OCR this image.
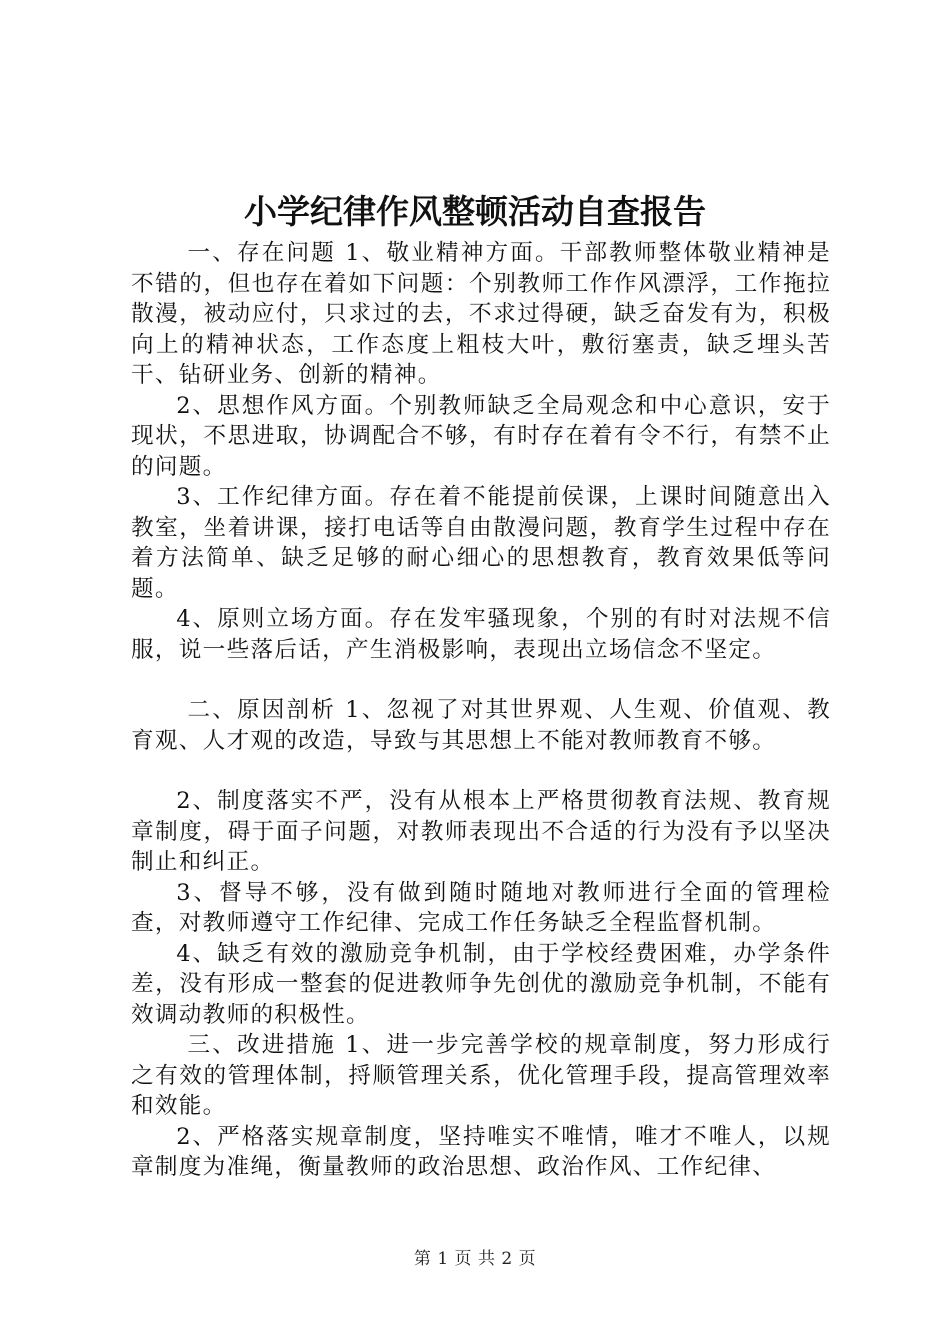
小学纪律作风整顿活动自查报告

一、存在问题 1、敬业精神方面。干部教师整体敬业精神是不错的，但也存在着如下问题：个别教师工作作风漂浮，工作拖拉散漫，被动应付，只求过的去，不求过得硬，缺乏奋发有为，积极向上的精神状态，工作态度上粗枝大叶，敷衍塞责，缺乏埋头苦干、钻研业务、创新的精神。

2、思想作风方面。个别教师缺乏全局观念和中心意识，安于现状，不思进取，协调配合不够，有时存在着有令不行，有禁不止的问题。

3、工作纪律方面。存在着不能提前侯课，上课时间随意出入教室，坐着讲课，接打电话等自由散漫问题，教育学生过程中存在着方法简单、缺乏足够的耐心细心的思想教育，教育效果低等问题。

4、原则立场方面。存在发牢骚现象，个别的有时对法规不信服，说一些落后话，产生消极影响，表现出立场信念不坚定。

二、原因剖析 1、忽视了对其世界观、人生观、价值观、教育观、人才观的改造，导致与其思想上不能对教师教育不够。

2、制度落实不严，没有从根本上严格贯彻教育法规、教育规章制度，碍于面子问题，对教师表现出不合适的行为没有予以坚决制止和纠正。

3、督导不够，没有做到随时随地对教师进行全面的管理检查，对教师遵守工作纪律、完成工作任务缺乏全程监督机制。

4、缺乏有效的激励竞争机制，由于学校经费困难，办学条件差，没有形成一整套的促进教师争先创优的激励竞争机制，不能有效调动教师的积极性。

三、改进措施 1、进一步完善学校的规章制度，努力形成行之有效的管理体制，捋顺管理关系，优化管理手段，提高管理效率和效能。

2、严格落实规章制度，坚持唯实不唯情，唯才不唯人，以规章制度为准绳，衡量教师的政治思想、政治作风、工作纪律、

第 1 页 共 2 页
